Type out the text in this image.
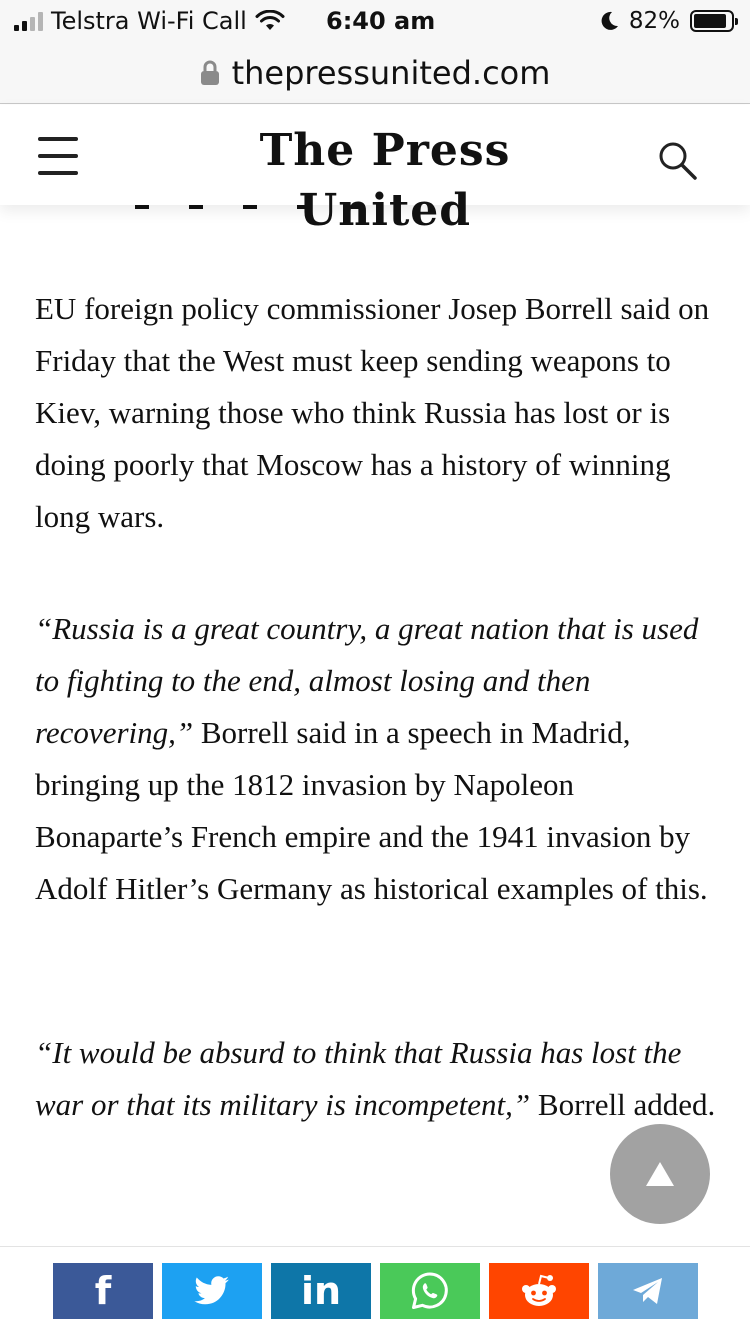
Telstra Wi-Fi Call	6:40 am	82%
thepressunited.com
The Press United

EU foreign policy commissioner Josep Borrell said on Friday that the West must keep sending weapons to Kiev, warning those who think Russia has lost or is doing poorly that Moscow has a history of winning long wars.

“Russia is a great country, a great nation that is used to fighting to the end, almost losing and then recovering,” Borrell said in a speech in Madrid, bringing up the 1812 invasion by Napoleon Bonaparte’s French empire and the 1941 invasion by Adolf Hitler’s Germany as historical examples of this.

“It would be absurd to think that Russia has lost the war or that its military is incompetent,” Borrell added.

f	in
